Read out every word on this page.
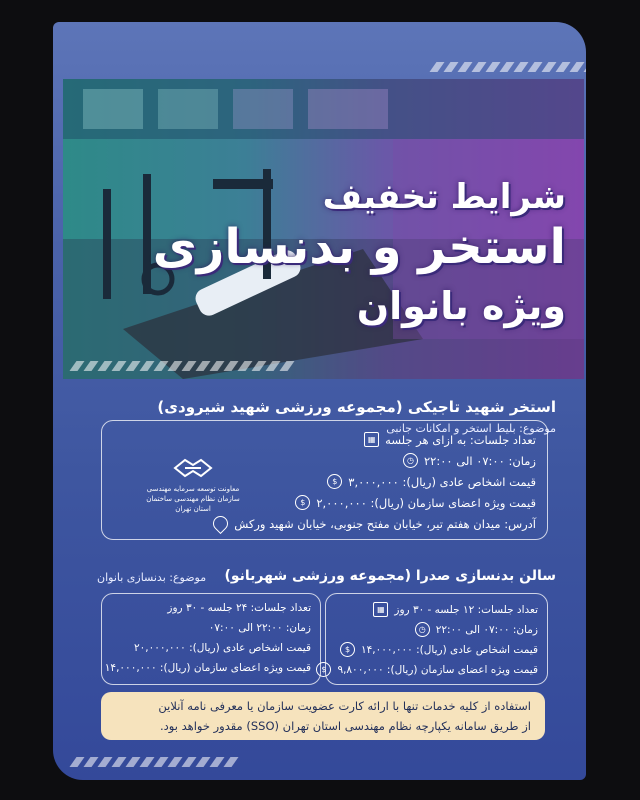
شرایط تخفیف
استخر و بدنسازی
ویژه بانوان
استخر شهید تاجیکی (مجموعه ورزشی شهید شیرودی)
موضوع: بلیط استخر و امکانات جانبی
▦ تعداد جلسات: به ازای هر جلسه
◷ زمان: ۰۷:۰۰ الی ۲۲:۰۰
$ قیمت اشخاص عادی (ریال): ۳,۰۰۰,۰۰۰
$ قیمت ویژه اعضای سازمان (ریال): ۲,۰۰۰,۰۰۰
آدرس: میدان هفتم تیر، خیابان مفتح جنوبی، خیابان شهید ورکش
معاونت توسعه سرمایه مهندسی
سازمان نظام مهندسی ساختمان
استان تهران
سالن بدنسازی صدرا (مجموعه ورزشی شهربانو)
موضوع: بدنسازی بانوان
▦ تعداد جلسات: ۱۲ جلسه - ۳۰ روز
◷ زمان: ۰۷:۰۰ الی ۲۲:۰۰
$	قیمت اشخاص عادی (ریال): ۱۴,۰۰۰,۰۰۰
$	قیمت ویژه اعضای سازمان (ریال): ۹,۸۰۰,۰۰۰
تعداد جلسات: ۲۴ جلسه - ۳۰ روز
زمان: ۲۲:۰۰ الی ۰۷:۰۰
قیمت اشخاص عادی (ریال): ۲۰,۰۰۰,۰۰۰
قیمت ویژه اعضای سازمان (ریال): ۱۴,۰۰۰,۰۰۰
استفاده از کلیه خدمات تنها با ارائه کارت عضویت سازمان یا معرفی نامه آنلاین
از طریق سامانه یکپارچه نظام مهندسی استان تهران (SSO) مقدور خواهد بود.
